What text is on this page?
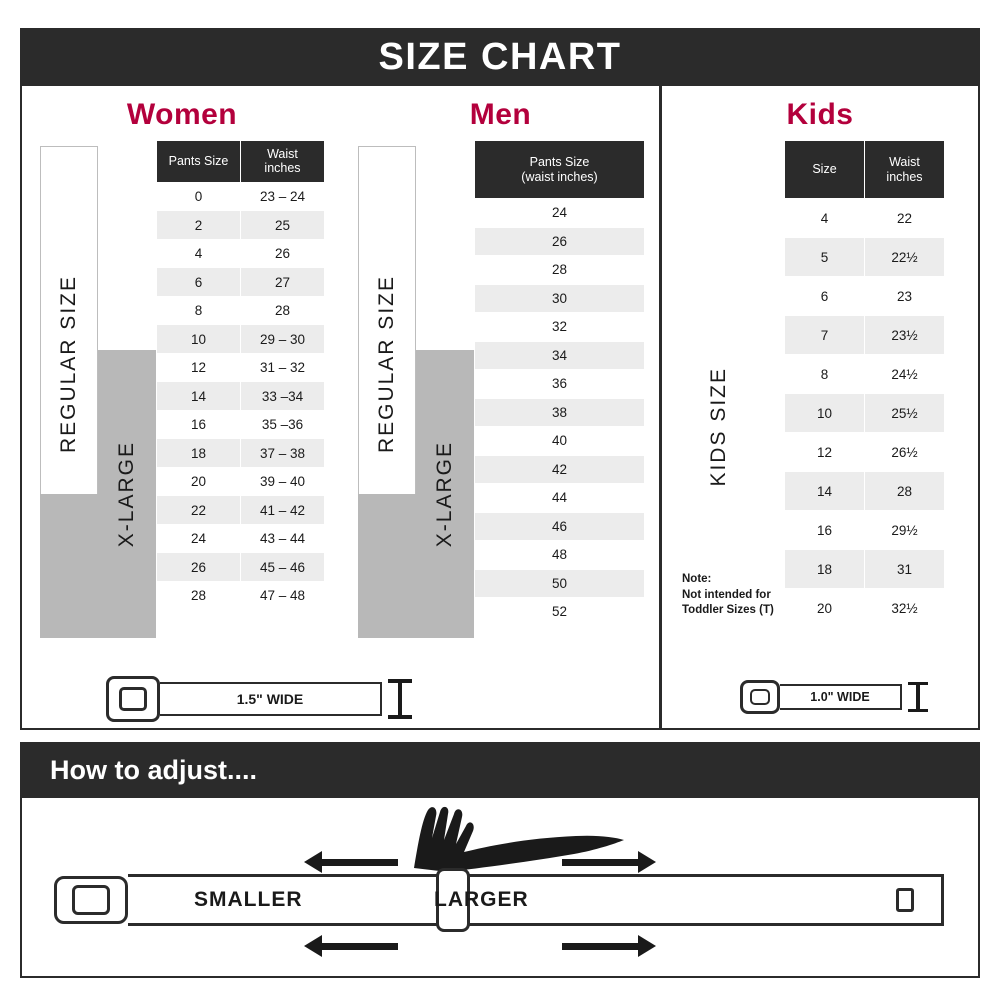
SIZE CHART
Women
REGULAR SIZE
X-LARGE
Pants Size	Waist
inches
0	23 – 24
2	25
4	26
6	27
8	28
10	29 – 30
12	31 – 32
14	33 –34
16	35 –36
18	37 – 38
20	39 – 40
22	41 – 42
24	43 – 44
26	45 – 46
28	47 – 48
1.5" WIDE
Men
REGULAR SIZE
X-LARGE
Pants Size
(waist inches)
24
26
28
30
32
34
36
38
40
42
44
46
48
50
52
Kids
KIDS SIZE
Note:
Not intended for
Toddler Sizes (T)
Size	Waist
inches
4	22
5	22½
6	23
7	23½
8	24½
10	25½
12	26½
14	28
16	29½
18	31
20	32½
1.0" WIDE
How to adjust....
SMALLER	LARGER
